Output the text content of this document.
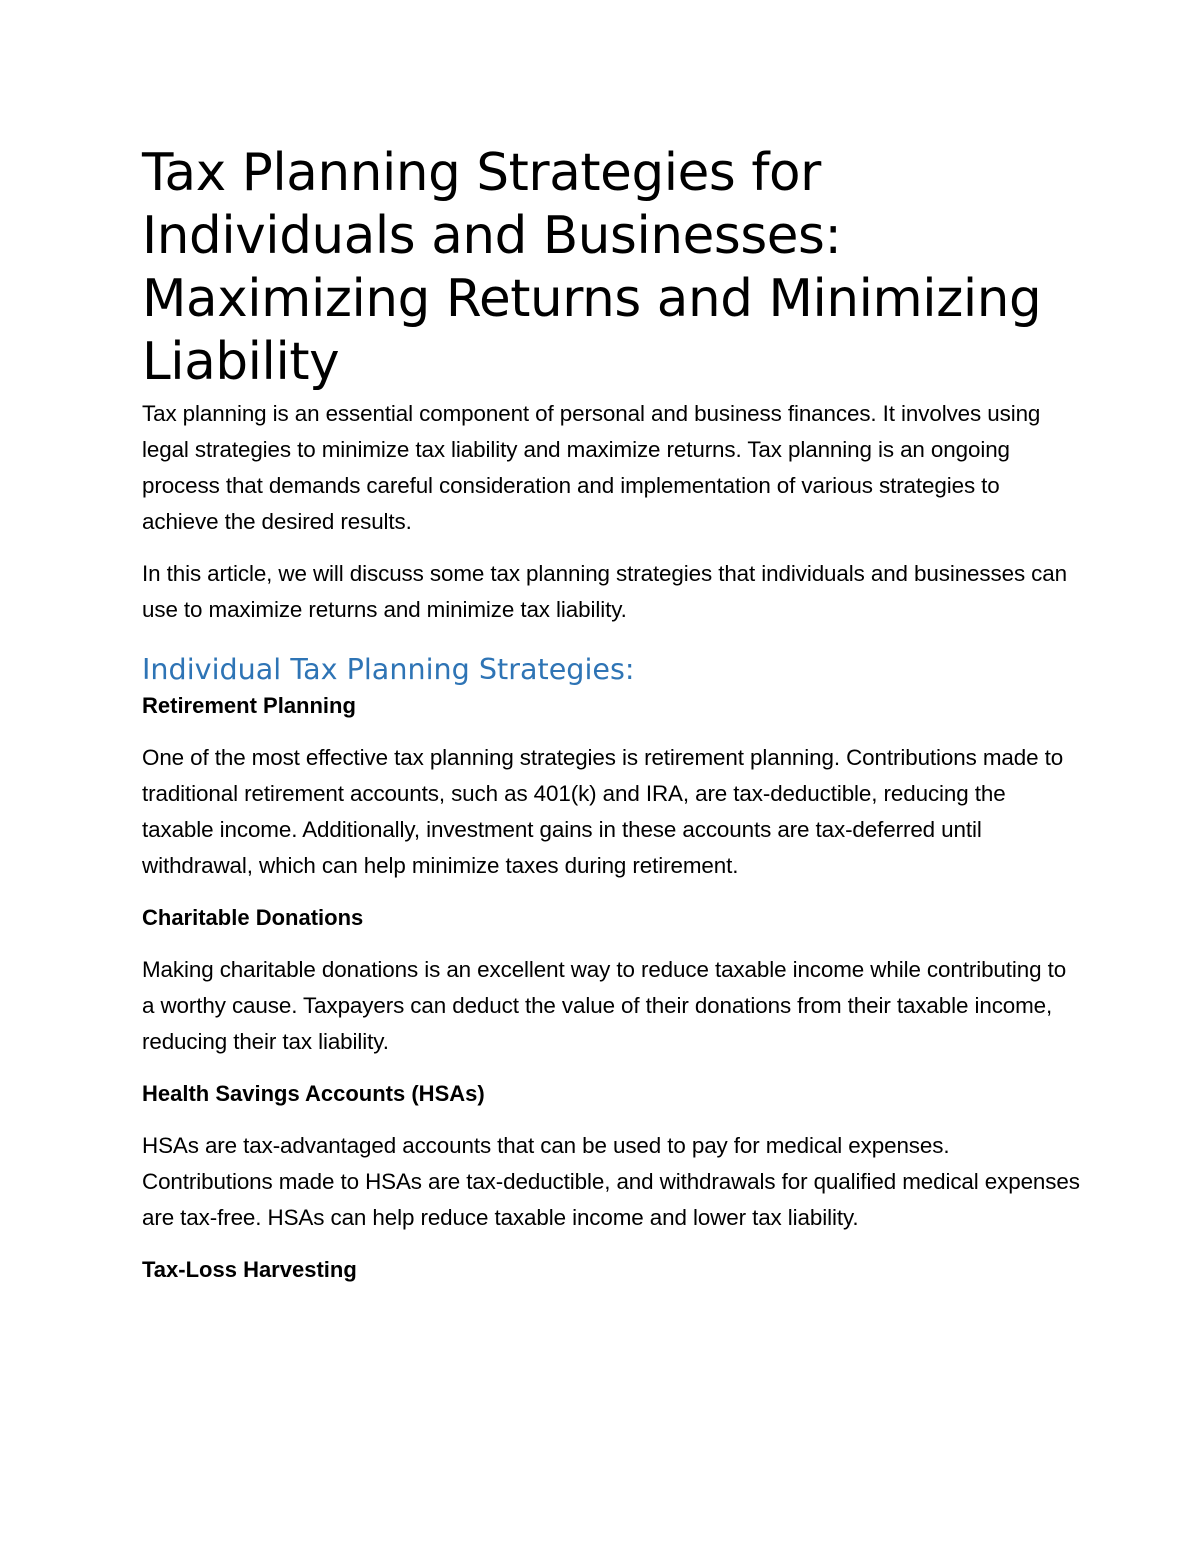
Tax Planning Strategies for Individuals and Businesses: Maximizing Returns and Minimizing Liability

Tax planning is an essential component of personal and business finances. It involves using legal strategies to minimize tax liability and maximize returns. Tax planning is an ongoing process that demands careful consideration and implementation of various strategies to achieve the desired results.

In this article, we will discuss some tax planning strategies that individuals and businesses can use to maximize returns and minimize tax liability.

Individual Tax Planning Strategies:
Retirement Planning

One of the most effective tax planning strategies is retirement planning. Contributions made to traditional retirement accounts, such as 401(k) and IRA, are tax-deductible, reducing the taxable income. Additionally, investment gains in these accounts are tax-deferred until withdrawal, which can help minimize taxes during retirement.

Charitable Donations

Making charitable donations is an excellent way to reduce taxable income while contributing to a worthy cause. Taxpayers can deduct the value of their donations from their taxable income, reducing their tax liability.

Health Savings Accounts (HSAs)

HSAs are tax-advantaged accounts that can be used to pay for medical expenses. Contributions made to HSAs are tax-deductible, and withdrawals for qualified medical expenses are tax-free. HSAs can help reduce taxable income and lower tax liability.

Tax-Loss Harvesting
